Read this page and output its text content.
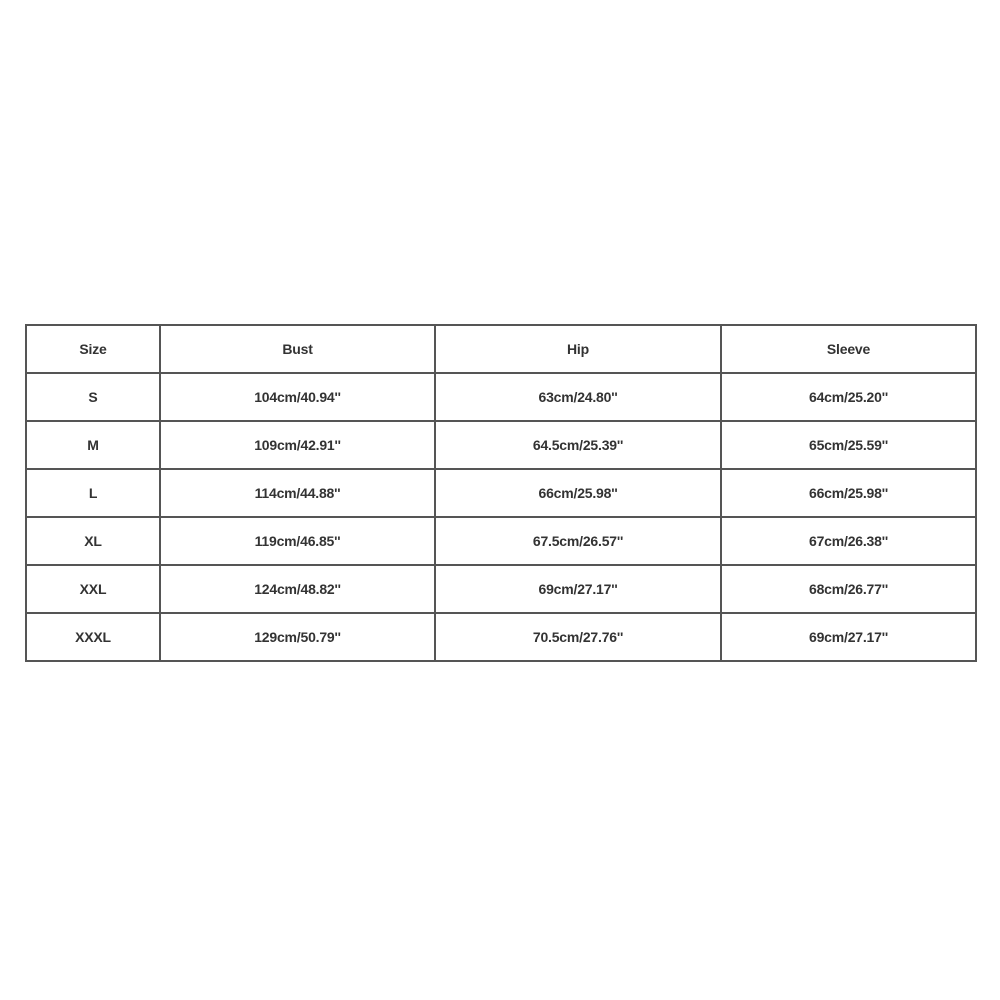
Size	Bust	Hip	Sleeve
S	104cm/40.94''	63cm/24.80''	64cm/25.20''
M	109cm/42.91''	64.5cm/25.39''	65cm/25.59''
L	114cm/44.88''	66cm/25.98''	66cm/25.98''
XL	119cm/46.85''	67.5cm/26.57''	67cm/26.38''
XXL	124cm/48.82''	69cm/27.17''	68cm/26.77''
XXXL	129cm/50.79''	70.5cm/27.76''	69cm/27.17''
